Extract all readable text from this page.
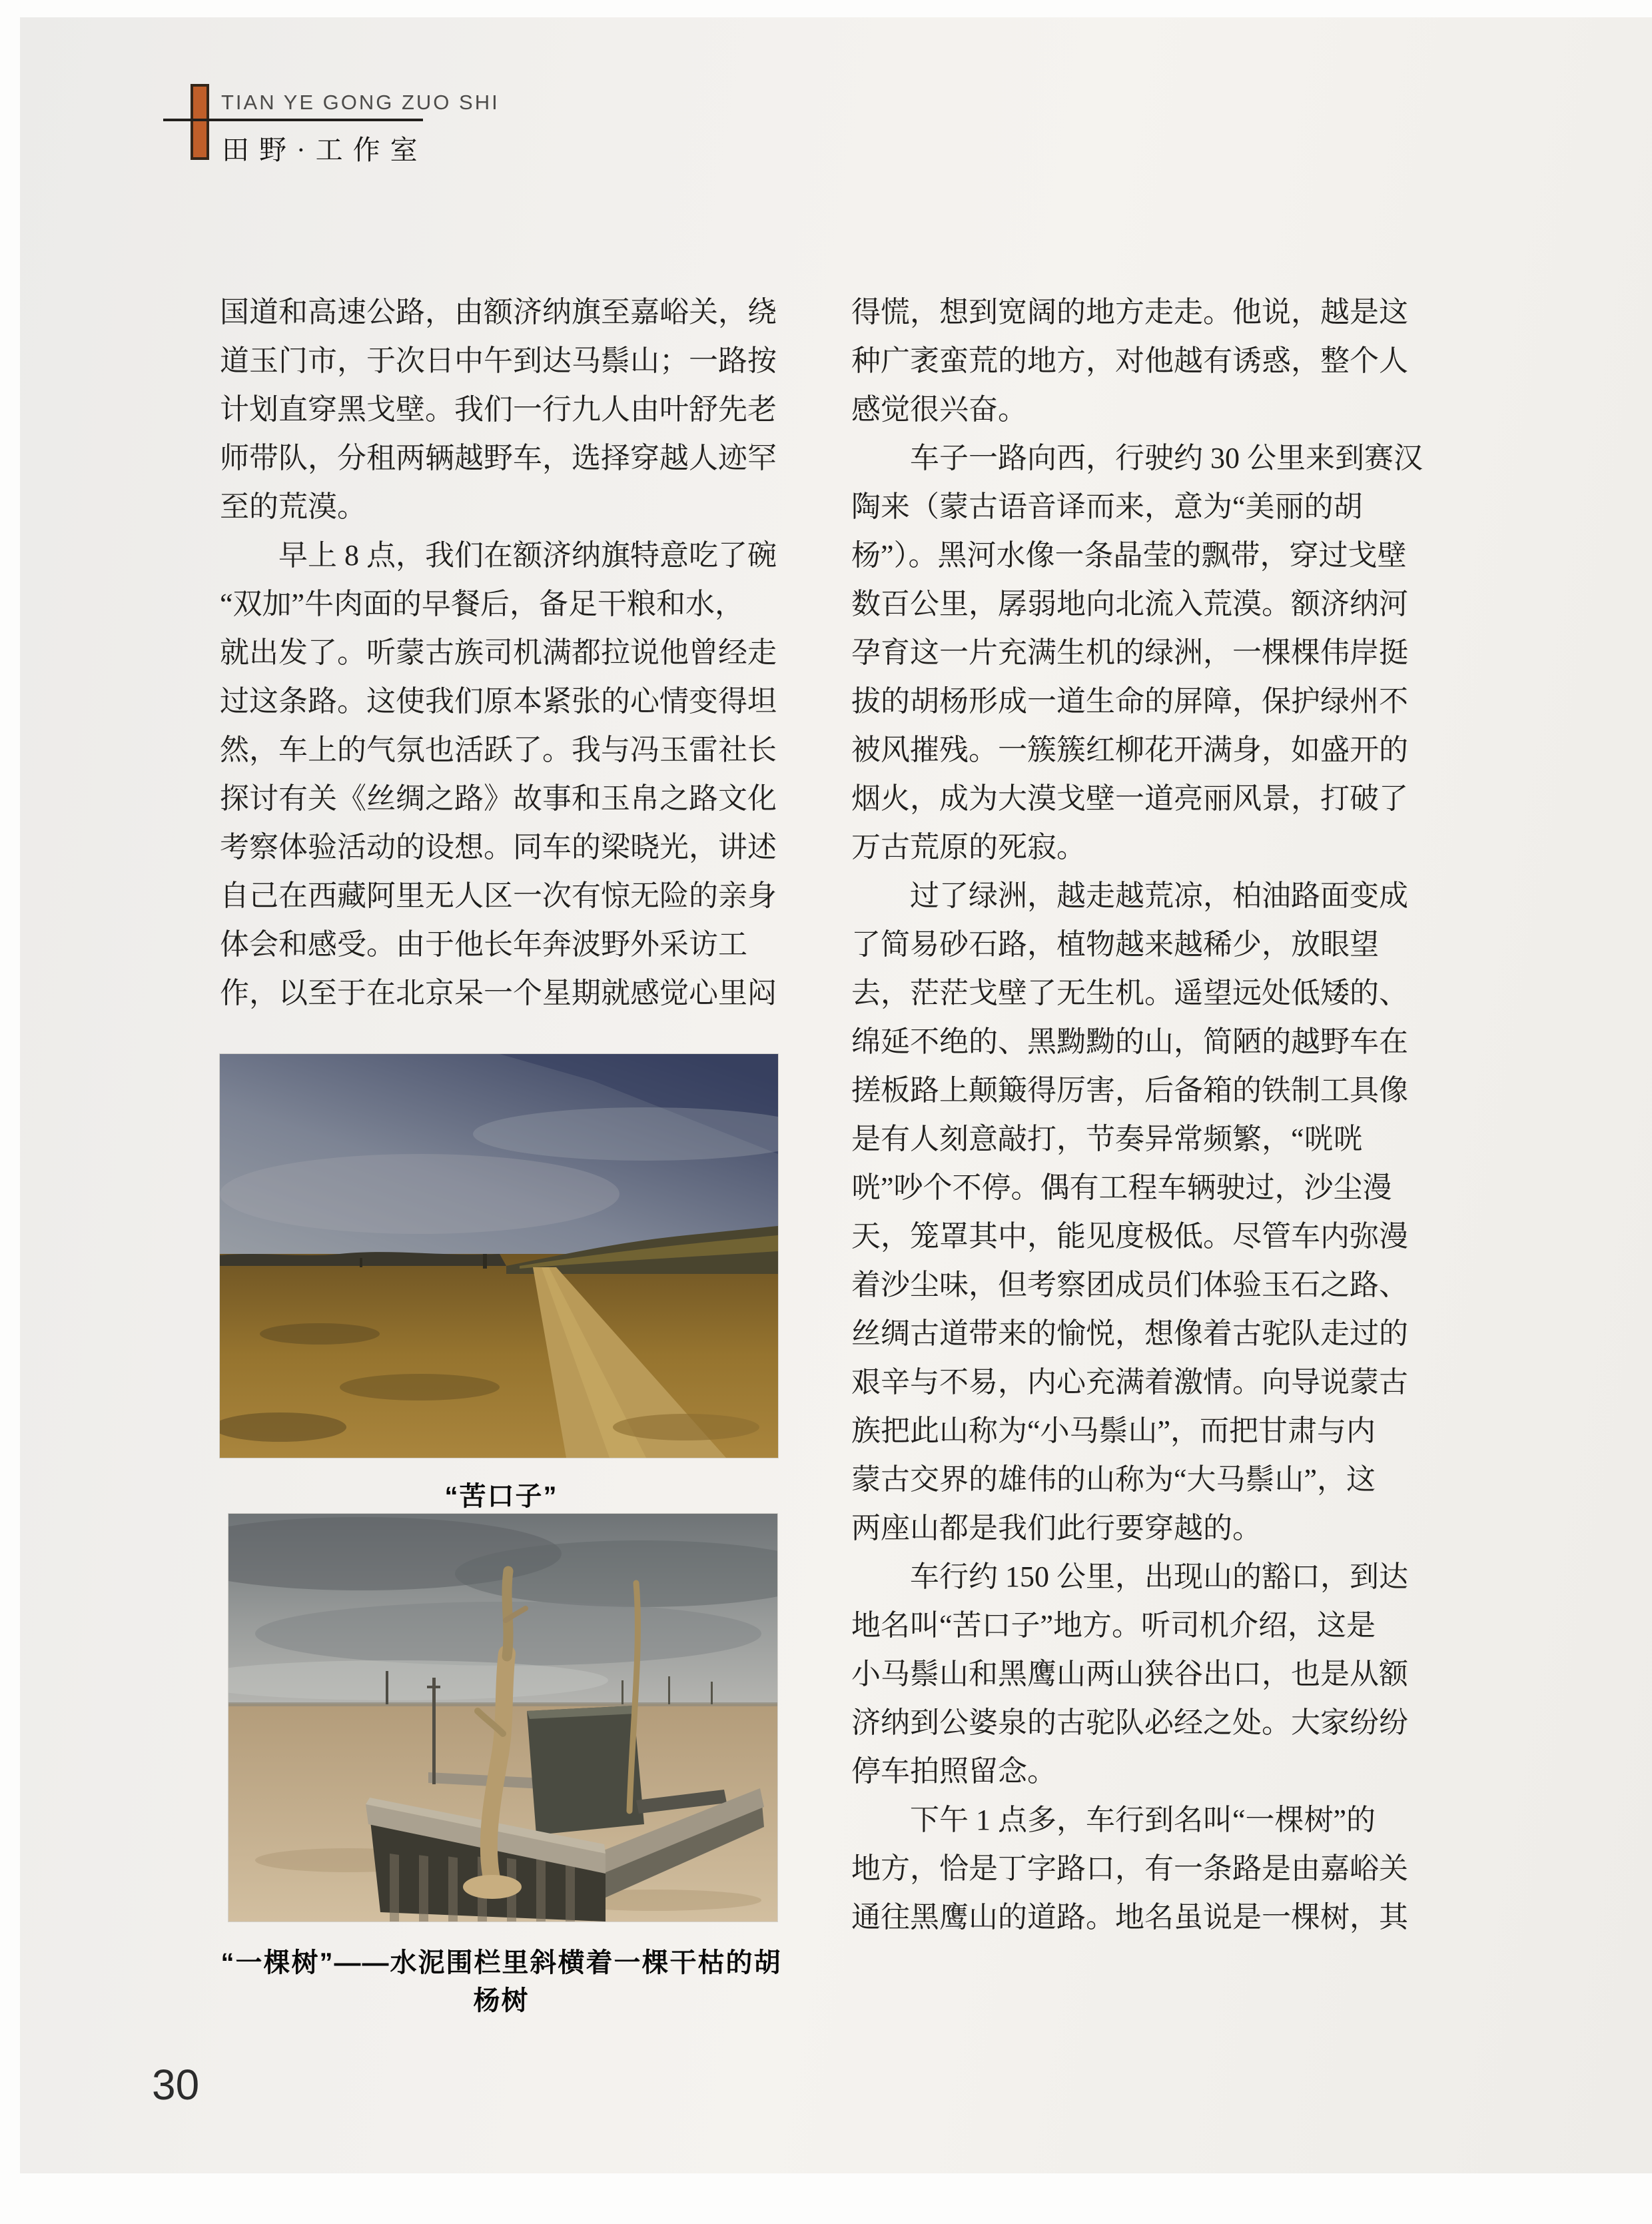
TIAN YE GONG ZUO SHI
田野·工作室
国道和高速公路，由额济纳旗至嘉峪关，绕
道玉门市，于次日中午到达马鬃山；一路按
计划直穿黑戈壁。我们一行九人由叶舒先老
师带队，分租两辆越野车，选择穿越人迹罕
至的荒漠。
　　早上 8 点，我们在额济纳旗特意吃了碗
“双加”牛肉面的早餐后，备足干粮和水，
就出发了。听蒙古族司机满都拉说他曾经走
过这条路。这使我们原本紧张的心情变得坦
然，车上的气氛也活跃了。我与冯玉雷社长
探讨有关《丝绸之路》故事和玉帛之路文化
考察体验活动的设想。同车的梁晓光，讲述
自己在西藏阿里无人区一次有惊无险的亲身
体会和感受。由于他长年奔波野外采访工
作，以至于在北京呆一个星期就感觉心里闷
得慌，想到宽阔的地方走走。他说，越是这
种广袤蛮荒的地方，对他越有诱惑，整个人
感觉很兴奋。
　　车子一路向西，行驶约 30 公里来到赛汉
陶来（蒙古语音译而来，意为“美丽的胡
杨”）。黑河水像一条晶莹的飘带，穿过戈壁
数百公里，孱弱地向北流入荒漠。额济纳河
孕育这一片充满生机的绿洲，一棵棵伟岸挺
拔的胡杨形成一道生命的屏障，保护绿州不
被风摧残。一簇簇红柳花开满身，如盛开的
烟火，成为大漠戈壁一道亮丽风景，打破了
万古荒原的死寂。
　　过了绿洲，越走越荒凉，柏油路面变成
了简易砂石路，植物越来越稀少，放眼望
去，茫茫戈壁了无生机。遥望远处低矮的、
绵延不绝的、黑黝黝的山，简陋的越野车在
搓板路上颠簸得厉害，后备箱的铁制工具像
是有人刻意敲打，节奏异常频繁，“咣咣
咣”吵个不停。偶有工程车辆驶过，沙尘漫
天，笼罩其中，能见度极低。尽管车内弥漫
着沙尘味，但考察团成员们体验玉石之路、
丝绸古道带来的愉悦，想像着古驼队走过的
艰辛与不易，内心充满着激情。向导说蒙古
族把此山称为“小马鬃山”，而把甘肃与内
蒙古交界的雄伟的山称为“大马鬃山”，这
两座山都是我们此行要穿越的。
　　车行约 150 公里，出现山的豁口，到达
地名叫“苦口子”地方。听司机介绍，这是
小马鬃山和黑鹰山两山狭谷出口，也是从额
济纳到公婆泉的古驼队必经之处。大家纷纷
停车拍照留念。
　　下午 1 点多，车行到名叫“一棵树”的
地方，恰是丁字路口，有一条路是由嘉峪关
通往黑鹰山的道路。地名虽说是一棵树，其
“苦口子”
“一棵树”——水泥围栏里斜横着一棵干枯的胡杨树
30
